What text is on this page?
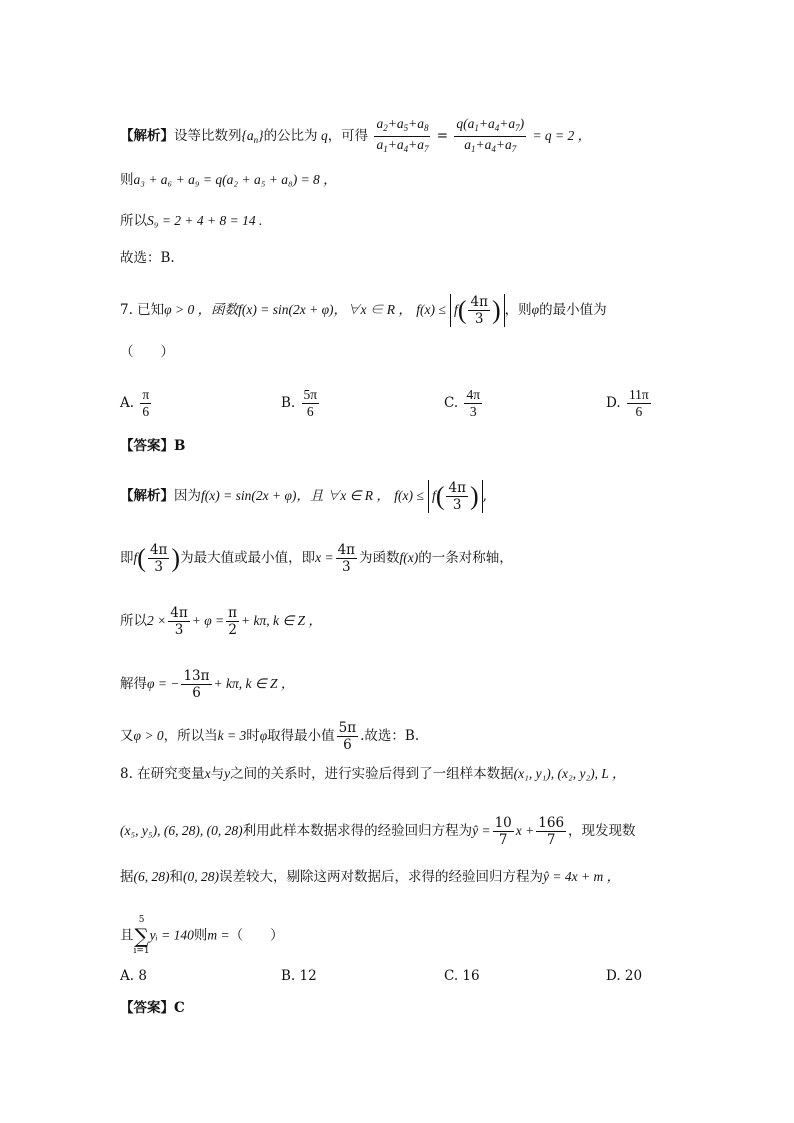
【解析】设等比数列$\{a_n\}$的公比为 q，可得 $\frac{a_2+a_5+a_8}{a_1+a_4+a_7} = \frac{q(a_1+a_4+a_7)}{a_1+a_4+a_7} = q = 2$ ，
则a₃ + a₆ + a₉ = q(a₂ + a₅ + a₈) = 8 ，
所以S₉ = 2 + 4 + 8 = 14 .
故选：B.
7. 已知φ > 0 ，函数f(x) = sin(2x + φ)，∀x ∈ R ， $f(x) \le f( \frac{4\pi}{3}$ ) ，则φ的最小值为
（　　）
A. $\frac{\pi}{6}$	B. $\frac{5\pi}{6}$	C. $\frac{4\pi}{3}$	D. $\frac{11\pi}{6}$
【答案】B
【解析】因为f(x) = sin(2x + φ)，且 ∀x ∈ R ， $f(x) \le f( \frac{4\pi}{3}$ ) ,
即$f( \frac{4\pi}{3}$ )为最大值或最小值，即$x = \frac{4\pi}{3}$ 为函数f(x)的一条对称轴，
所以$2 \times \frac{4\pi}{3} + \varphi = \frac{\pi}{2} + k\pi$, k ∈ Z ，
解得φ = − $\frac{13\pi}{6} + k\pi$, k ∈ Z ，
又φ > 0，所以当k = 3时φ取得最小值 $\frac{5\pi}{6}$ .故选：B.
8. 在研究变量x与y之间的关系时，进行实验后得到了一组样本数据(x₁, y₁), (x₂, y₂), L ，
(x₅, y₅), (6, 28), (0, 28)利用此样本数据求得的经验回归方程为ŷ = $\frac{10}{7}$ $x + \frac{166}{7}$ ，现发现数
据(6, 28)和(0, 28)误差较大，剔除这两对数据后，求得的经验回归方程为ŷ = 4x + m ，
且
5
∑
i=1
yᵢ = 140则m =（　　）
A. 8	B. 12	C. 16	D. 20
【答案】C
